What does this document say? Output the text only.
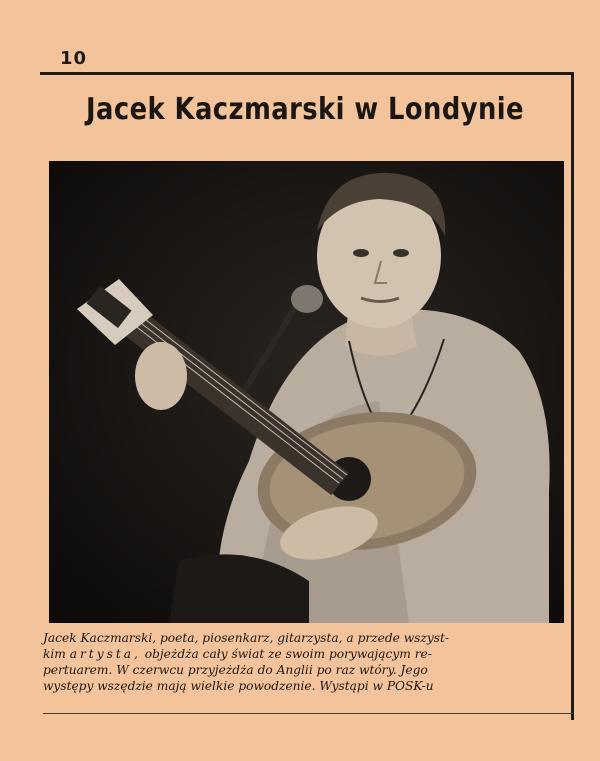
10
Jacek Kaczmarski w Londynie
Jacek Kaczmarski, poeta, piosenkarz, gitarzysta, a przede wszyst-
kim artysta, objeżdża cały świat ze swoim porywającym re-
pertuarem. W czerwcu przyjeżdża do Anglii po raz wtóry. Jego
występy wszędzie mają wielkie powodzenie. Wystąpi w POSK-u
